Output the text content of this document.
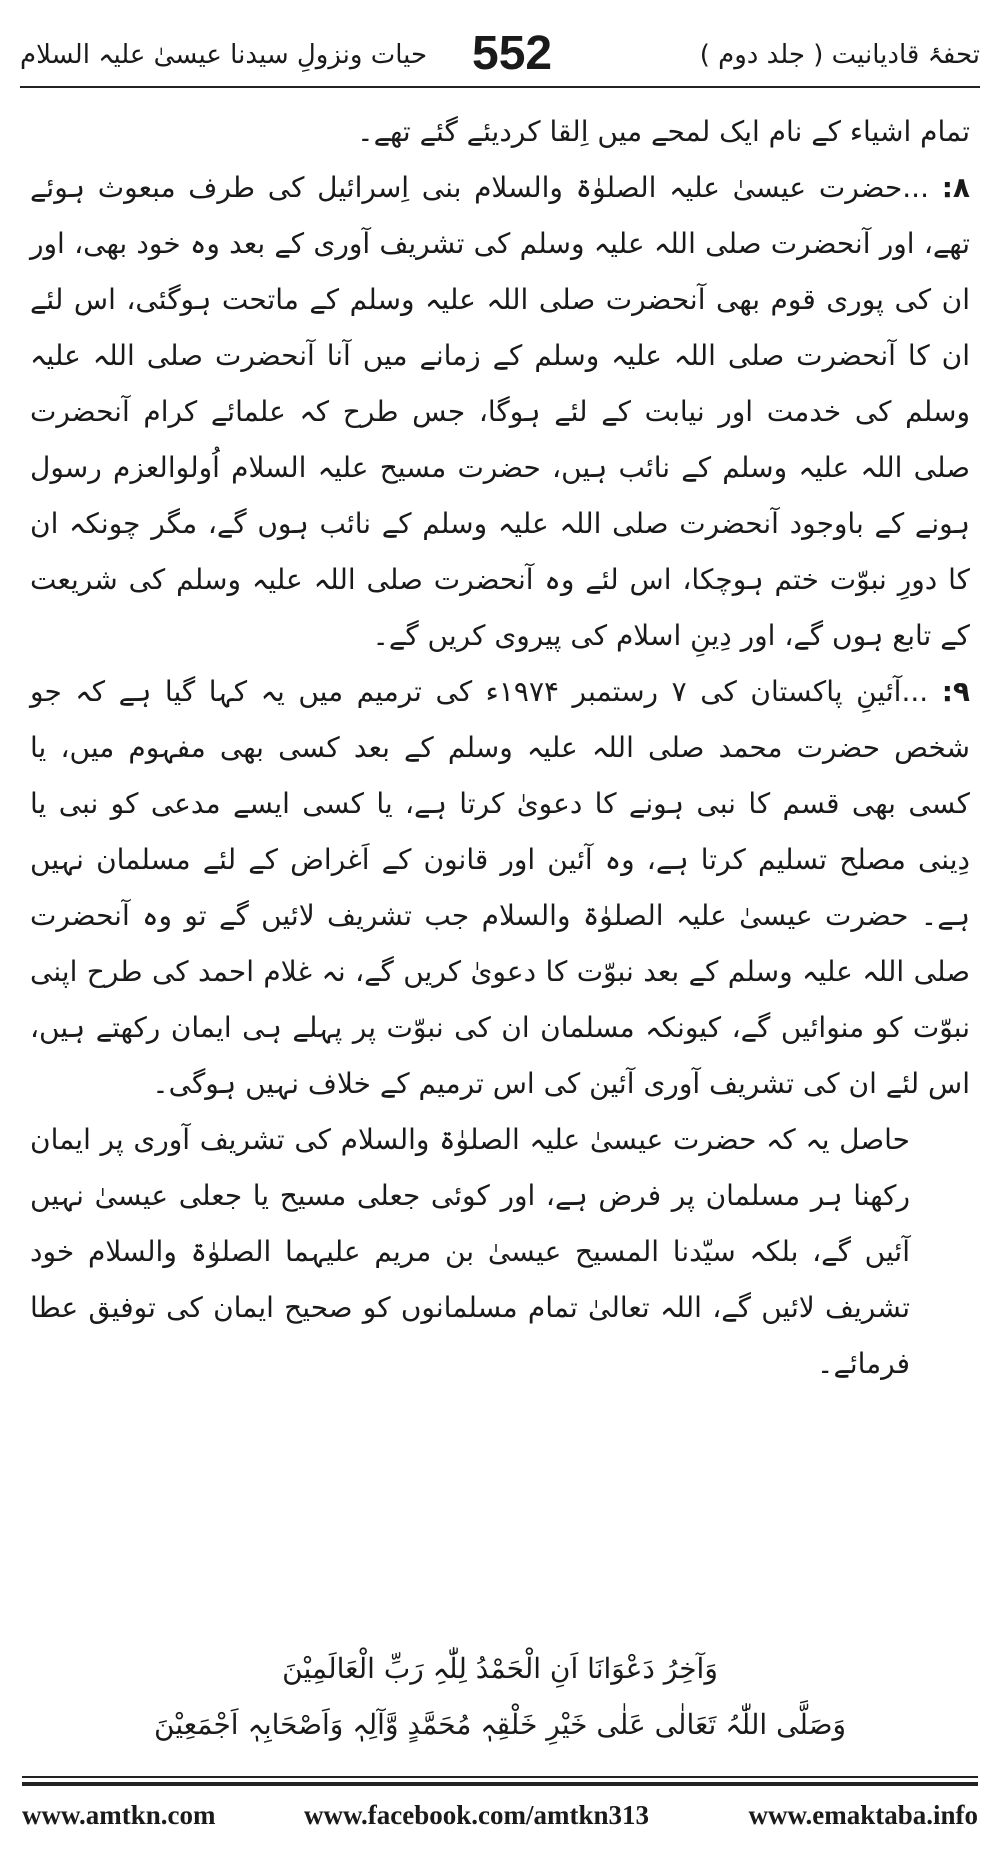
تحفۂ قادیانیت ( جلد دوم )
552
حیات ونزولِ سیدنا عیسیٰ علیہ السلام

تمام اشیاء کے نام ایک لمحے میں اِلقا کردیئے گئے تھے۔

۸: ...حضرت عیسیٰ علیہ الصلوٰۃ والسلام بنی اِسرائیل کی طرف مبعوث ہوئے تھے، اور آنحضرت صلی اللہ علیہ وسلم کی تشریف آوری کے بعد وہ خود بھی، اور ان کی پوری قوم بھی آنحضرت صلی اللہ علیہ وسلم کے ماتحت ہوگئی، اس لئے ان کا آنحضرت صلی اللہ علیہ وسلم کے زمانے میں آنا آنحضرت صلی اللہ علیہ وسلم کی خدمت اور نیابت کے لئے ہوگا، جس طرح کہ علمائے کرام آنحضرت صلی اللہ علیہ وسلم کے نائب ہیں، حضرت مسیح علیہ السلام اُولوالعزم رسول ہونے کے باوجود آنحضرت صلی اللہ علیہ وسلم کے نائب ہوں گے، مگر چونکہ ان کا دورِ نبوّت ختم ہوچکا، اس لئے وہ آنحضرت صلی اللہ علیہ وسلم کی شریعت کے تابع ہوں گے، اور دِینِ اسلام کی پیروی کریں گے۔

۹: ...آئینِ پاکستان کی ۷ رستمبر ۱۹۷۴ء کی ترمیم میں یہ کہا گیا ہے کہ جو شخص حضرت محمد صلی اللہ علیہ وسلم کے بعد کسی بھی مفہوم میں، یا کسی بھی قسم کا نبی ہونے کا دعویٰ کرتا ہے، یا کسی ایسے مدعی کو نبی یا دِینی مصلح تسلیم کرتا ہے، وہ آئین اور قانون کے اَغراض کے لئے مسلمان نہیں ہے۔ حضرت عیسیٰ علیہ الصلوٰۃ والسلام جب تشریف لائیں گے تو وہ آنحضرت صلی اللہ علیہ وسلم کے بعد نبوّت کا دعویٰ کریں گے، نہ غلام احمد کی طرح اپنی نبوّت کو منوائیں گے، کیونکہ مسلمان ان کی نبوّت پر پہلے ہی ایمان رکھتے ہیں، اس لئے ان کی تشریف آوری آئین کی اس ترمیم کے خلاف نہیں ہوگی۔

حاصل یہ کہ حضرت عیسیٰ علیہ الصلوٰۃ والسلام کی تشریف آوری پر ایمان رکھنا ہر مسلمان پر فرض ہے، اور کوئی جعلی مسیح یا جعلی عیسیٰ نہیں آئیں گے، بلکہ سیّدنا المسیح عیسیٰ بن مریم علیہما الصلوٰۃ والسلام خود تشریف لائیں گے، اللہ تعالیٰ تمام مسلمانوں کو صحیح ایمان کی توفیق عطا فرمائے۔

وَآخِرُ دَعْوَانَا اَنِ الْحَمْدُ لِلّٰہِ رَبِّ الْعَالَمِیْنَ
وَصَلَّی اللّٰہُ تَعَالٰی عَلٰی خَیْرِ خَلْقِہٖ مُحَمَّدٍ وَّآلِہٖ وَاَصْحَابِہٖ اَجْمَعِیْنَ
www.amtkn.com	www.facebook.com/amtkn313	www.emaktaba.info
